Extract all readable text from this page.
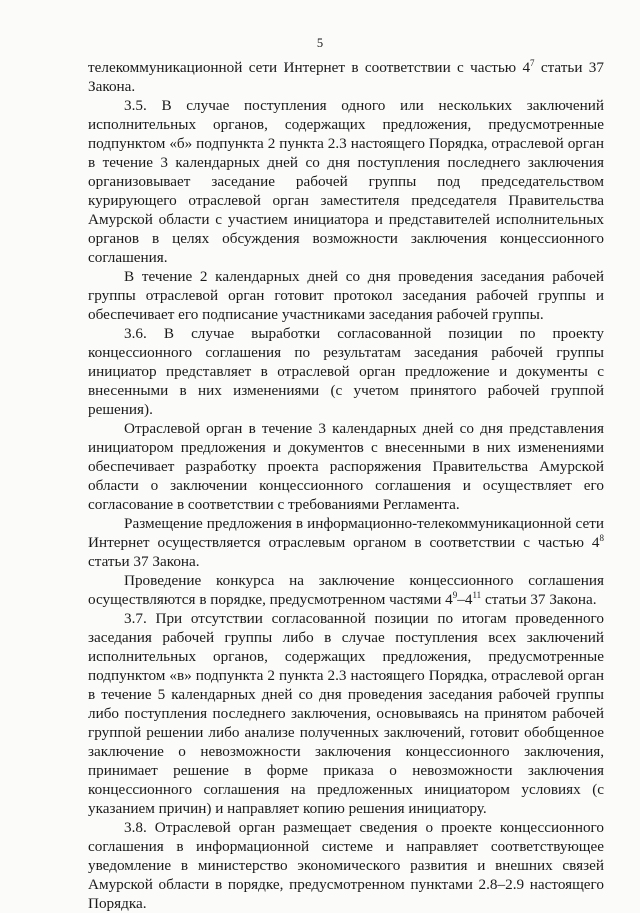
5

телекоммуникационной сети Интернет в соответствии с частью $4^7$ статьи 37 Закона.

3.5. В случае поступления одного или нескольких заключений исполнительных органов, содержащих предложения, предусмотренные подпунктом «б» подпункта 2 пункта 2.3 настоящего Порядка, отраслевой орган в течение 3 календарных дней со дня поступления последнего заключения организовывает заседание рабочей группы под председательством курирующего отраслевой орган заместителя председателя Правительства Амурской области с участием инициатора и представителей исполнительных органов в целях обсуждения возможности заключения концессионного соглашения.

В течение 2 календарных дней со дня проведения заседания рабочей группы отраслевой орган готовит протокол заседания рабочей группы и обеспечивает его подписание участниками заседания рабочей группы.

3.6. В случае выработки согласованной позиции по проекту концессионного соглашения по результатам заседания рабочей группы инициатор представляет в отраслевой орган предложение и документы с внесенными в них изменениями (с учетом принятого рабочей группой решения).

Отраслевой орган в течение 3 календарных дней со дня представления инициатором предложения и документов с внесенными в них изменениями обеспечивает разработку проекта распоряжения Правительства Амурской области о заключении концессионного соглашения и осуществляет его согласование в соответствии с требованиями Регламента.

Размещение предложения в информационно-телекоммуникационной сети Интернет осуществляется отраслевым органом в соответствии с частью $4^8$ статьи 37 Закона.

Проведение конкурса на заключение концессионного соглашения осуществляются в порядке, предусмотренном частями $4^9-4^{11}$ статьи 37 Закона.

3.7. При отсутствии согласованной позиции по итогам проведенного заседания рабочей группы либо в случае поступления всех заключений исполнительных органов, содержащих предложения, предусмотренные подпунктом «в» подпункта 2 пункта 2.3 настоящего Порядка, отраслевой орган в течение 5 календарных дней со дня проведения заседания рабочей группы либо поступления последнего заключения, основываясь на принятом рабочей группой решении либо анализе полученных заключений, готовит обобщенное заключение о невозможности заключения концессионного заключения, принимает решение в форме приказа о невозможности заключения концессионного соглашения на предложенных инициатором условиях (с указанием причин) и направляет копию решения инициатору.

3.8. Отраслевой орган размещает сведения о проекте концессионного соглашения в информационной системе и направляет соответствующее уведомление в министерство экономического развития и внешних связей Амурской области в порядке, предусмотренном пунктами 2.8–2.9 настоящего Порядка.
